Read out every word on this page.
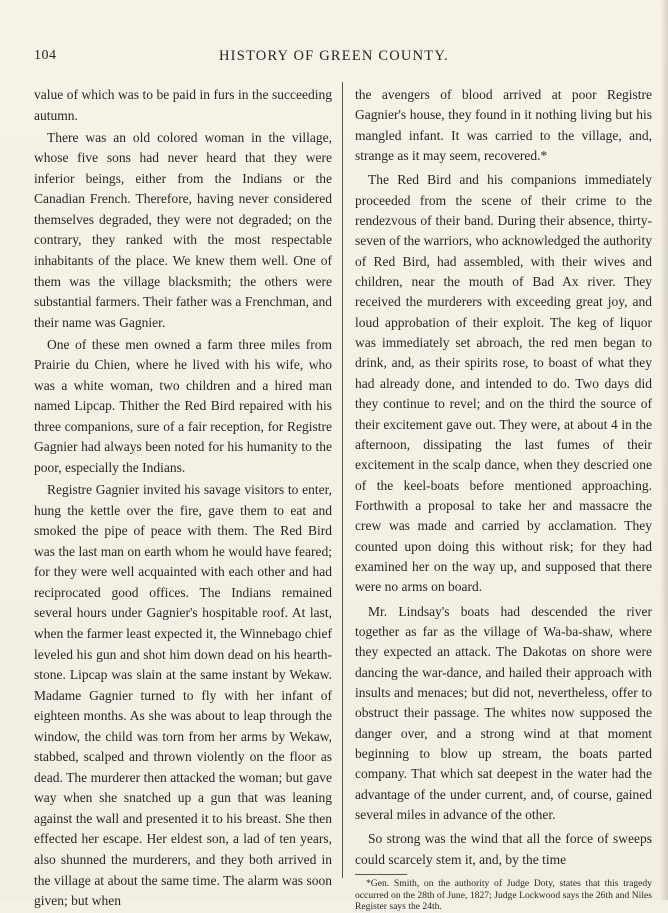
104	HISTORY OF GREEN COUNTY.

value of which was to be paid in furs in the succeeding autumn.

There was an old colored woman in the village, whose five sons had never heard that they were inferior beings, either from the Indians or the Canadian French. Therefore, having never considered themselves degraded, they were not degraded; on the contrary, they ranked with the most respectable inhabitants of the place. We knew them well. One of them was the village blacksmith; the others were substantial farmers. Their father was a Frenchman, and their name was Gagnier.

One of these men owned a farm three miles from Prairie du Chien, where he lived with his wife, who was a white woman, two children and a hired man named Lipcap. Thither the Red Bird repaired with his three companions, sure of a fair reception, for Registre Gagnier had always been noted for his humanity to the poor, especially the Indians.

Registre Gagnier invited his savage visitors to enter, hung the kettle over the fire, gave them to eat and smoked the pipe of peace with them. The Red Bird was the last man on earth whom he would have feared; for they were well acquainted with each other and had reciprocated good offices. The Indians remained several hours under Gagnier's hospitable roof. At last, when the farmer least expected it, the Winnebago chief leveled his gun and shot him down dead on his hearth-stone. Lipcap was slain at the same instant by Wekaw. Madame Gagnier turned to fly with her infant of eighteen months. As she was about to leap through the window, the child was torn from her arms by Wekaw, stabbed, scalped and thrown violently on the floor as dead. The murderer then attacked the woman; but gave way when she snatched up a gun that was leaning against the wall and presented it to his breast. She then effected her escape. Her eldest son, a lad of ten years, also shunned the murderers, and they both arrived in the village at about the same time. The alarm was soon given; but when

the avengers of blood arrived at poor Registre Gagnier's house, they found in it nothing living but his mangled infant. It was carried to the village, and, strange as it may seem, recovered.*

The Red Bird and his companions immediately proceeded from the scene of their crime to the rendezvous of their band. During their absence, thirty-seven of the warriors, who acknowledged the authority of Red Bird, had assembled, with their wives and children, near the mouth of Bad Ax river. They received the murderers with exceeding great joy, and loud approbation of their exploit. The keg of liquor was immediately set abroach, the red men began to drink, and, as their spirits rose, to boast of what they had already done, and intended to do. Two days did they continue to revel; and on the third the source of their excitement gave out. They were, at about 4 in the afternoon, dissipating the last fumes of their excitement in the scalp dance, when they descried one of the keel-boats before mentioned approaching. Forthwith a proposal to take her and massacre the crew was made and carried by acclamation. They counted upon doing this without risk; for they had examined her on the way up, and supposed that there were no arms on board.

Mr. Lindsay's boats had descended the river together as far as the village of Wa-ba-shaw, where they expected an attack. The Dakotas on shore were dancing the war-dance, and hailed their approach with insults and menaces; but did not, nevertheless, offer to obstruct their passage. The whites now supposed the danger over, and a strong wind at that moment beginning to blow up stream, the boats parted company. That which sat deepest in the water had the advantage of the under current, and, of course, gained several miles in advance of the other.

So strong was the wind that all the force of sweeps could scarcely stem it, and, by the time

*Gen. Smith, on the authority of Judge Doty, states that this tragedy occurred on the 28th of June, 1827; Judge Lockwood says the 26th and Niles Register says the 24th.
